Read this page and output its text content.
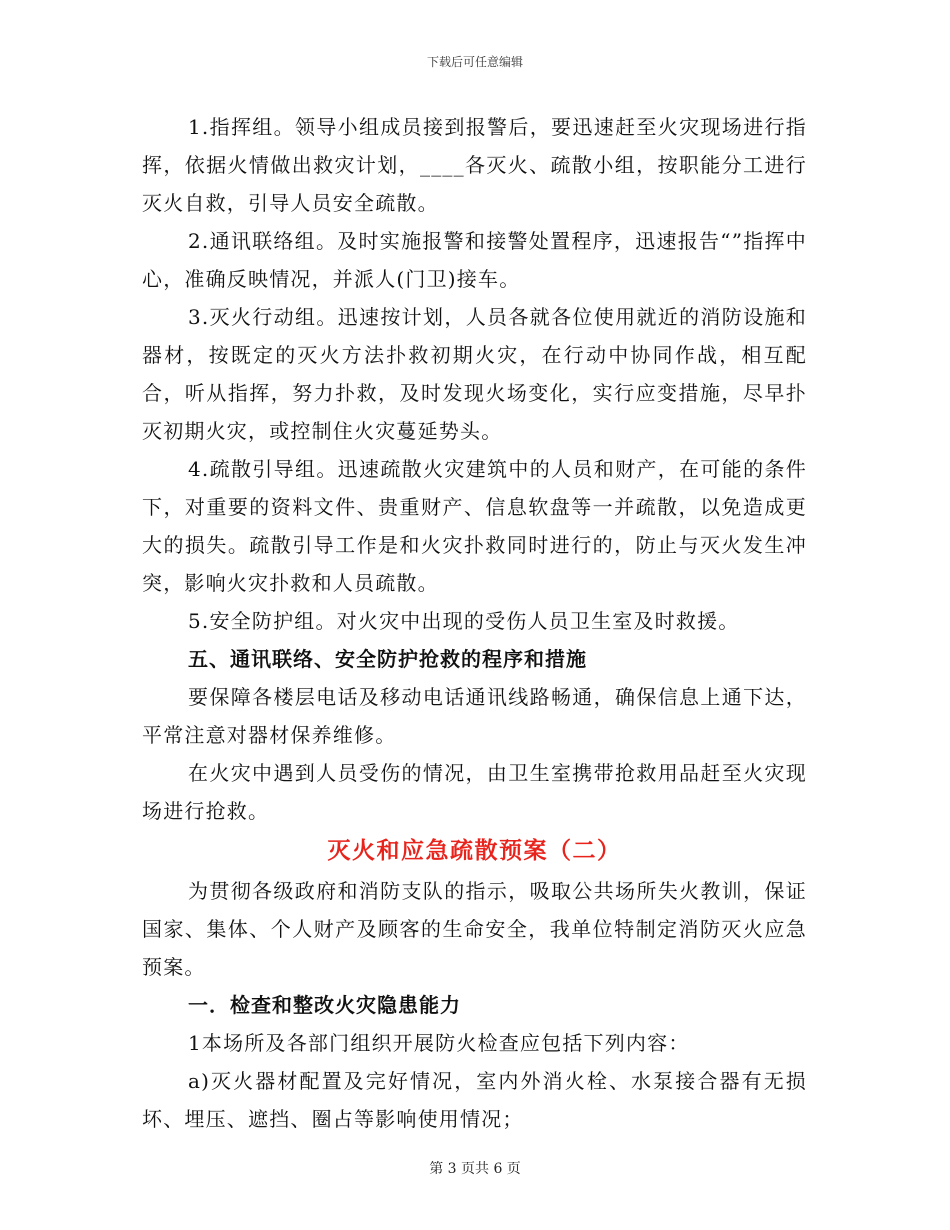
下载后可任意编辑

1.指挥组。领导小组成员接到报警后，要迅速赶至火灾现场进行指挥，依据火情做出救灾计划，____各灭火、疏散小组，按职能分工进行灭火自救，引导人员安全疏散。

2.通讯联络组。及时实施报警和接警处置程序，迅速报告“”指挥中心，准确反映情况，并派人(门卫)接车。

3.灭火行动组。迅速按计划，人员各就各位使用就近的消防设施和器材，按既定的灭火方法扑救初期火灾，在行动中协同作战，相互配合，听从指挥，努力扑救，及时发现火场变化，实行应变措施，尽早扑灭初期火灾，或控制住火灾蔓延势头。

4.疏散引导组。迅速疏散火灾建筑中的人员和财产，在可能的条件下，对重要的资料文件、贵重财产、信息软盘等一并疏散，以免造成更大的损失。疏散引导工作是和火灾扑救同时进行的，防止与灭火发生冲突，影响火灾扑救和人员疏散。

5.安全防护组。对火灾中出现的受伤人员卫生室及时救援。

五、通讯联络、安全防护抢救的程序和措施

要保障各楼层电话及移动电话通讯线路畅通，确保信息上通下达，平常注意对器材保养维修。

在火灾中遇到人员受伤的情况，由卫生室携带抢救用品赶至火灾现场进行抢救。

灭火和应急疏散预案（二）

为贯彻各级政府和消防支队的指示，吸取公共场所失火教训，保证国家、集体、个人财产及顾客的生命安全，我单位特制定消防灭火应急预案。

一．检查和整改火灾隐患能力

1本场所及各部门组织开展防火检查应包括下列内容：

a)灭火器材配置及完好情况，室内外消火栓、水泵接合器有无损坏、埋压、遮挡、圈占等影响使用情况；

第 3 页共 6 页
